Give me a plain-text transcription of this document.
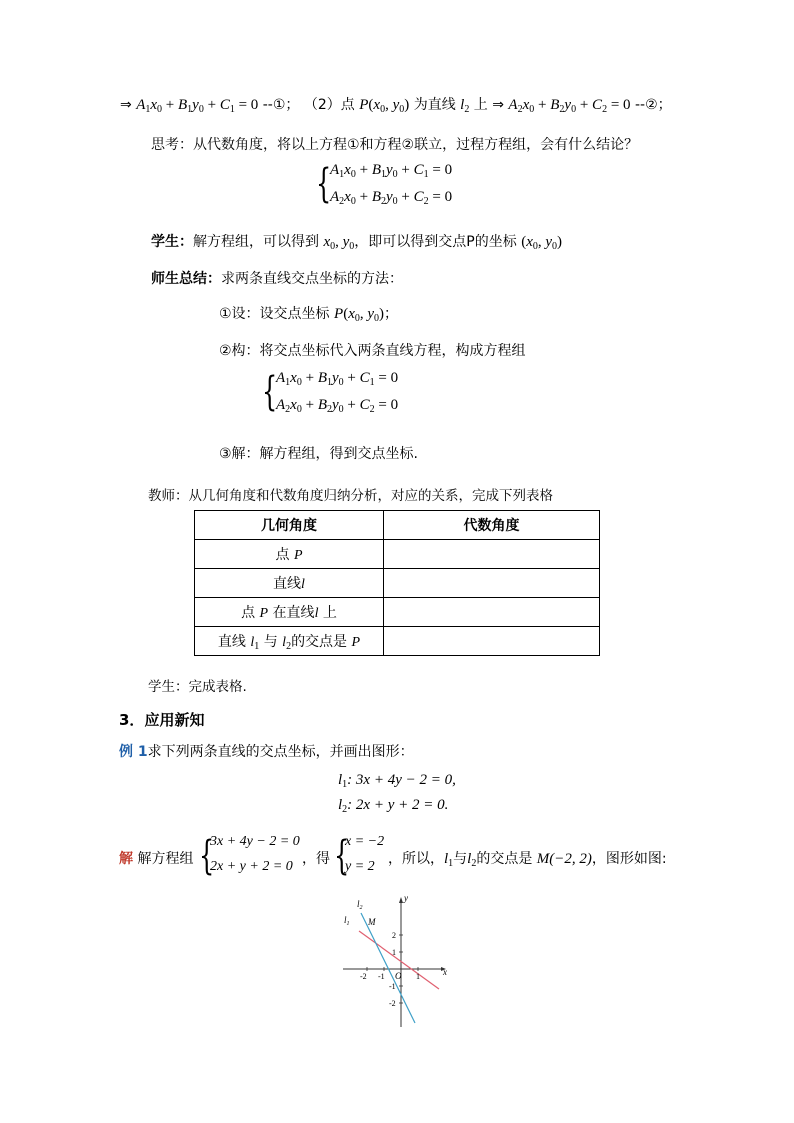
⇒ $A_1x_0 + B_1y_0 + C_1 = 0$ --①； （2）点 $P(x_0$, $y_0$) 为直线 $l_2$ 上 ⇒ $A_2x_0 + B_2y_0 + C_2 = 0$ --②；
思考：从代数角度，将以上方程①和方程②联立，过程方程组，会有什么结论？
{
$A_1x_0 + B_1y_0 + C_1 = 0$
$A_2x_0 + B_2y_0 + C_2 = 0$
学生：解方程组，可以得到 $x_0$, $y_0$，即可以得到交点P的坐标 ($x_0$, $y_0$)
师生总结：求两条直线交点坐标的方法：
①设：设交点坐标 $P(x_0$, $y_0$)；
②构：将交点坐标代入两条直线方程，构成方程组
{
$A_1x_0 + B_1y_0 + C_1 = 0$
$A_2x_0 + B_2y_0 + C_2 = 0$
③解：解方程组，得到交点坐标.
教师：从几何角度和代数角度归纳分析，对应的关系，完成下列表格
几何角度	代数角度
点 P	
直线l	
点 P 在直线l 上	
直线 $l_1$ 与 $l_2$的交点是 P	
学生：完成表格.
3．应用新知
例 1求下列两条直线的交点坐标，并画出图形：
$l_1$: 3x + 4y − 2 = 0,
$l_2$: 2x + y + 2 = 0.
解 解方程组 {
3x + 4y − 2 = 0
2x + y + 2 = 0 ，得 {
x = −2
y = 2 ，所以，$l_1$与$l_2$的交点是 M(−2, 2)，图形如图:
x
y
O
M
$l_1$
$l_2$
-2 -1	1
2
1
-1
-2
